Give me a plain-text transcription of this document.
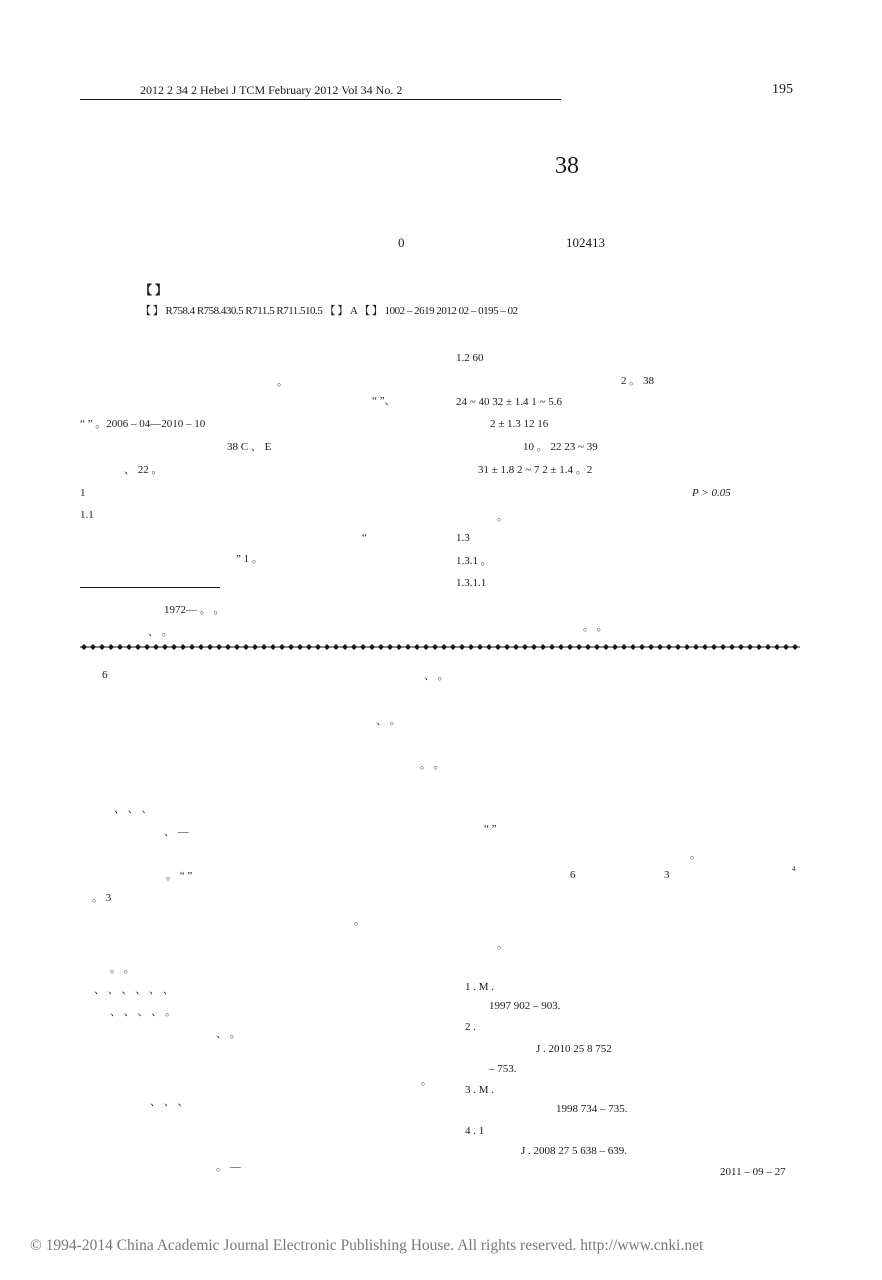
2012 2 34 2 Hebei J TCM February 2012 Vol 34 No. 2	195
38
0	102413
【 】
【 】 R758.4 R758.430.5 R711.5 R711.510.5 【 】 A 【 】 1002 – 2619 2012 02 – 0195 – 02
。
“ ”、
“ ” 。2006 – 04—2010 – 10
38 C 、 E
、 22 。
1
1.1
“
” 1 。
1972— 。 。
、 。
1.2 60
2 。 38
24 ~ 40 32 ± 1.4 1 ~ 5.6
2 ± 1.3 12 16
10 。 22 23 ~ 39
31 ± 1.8 2 ~ 7 2 ± 1.4 。2
P > 0.05
。
1.3
1.3.1 。
1.3.1.1
。 。
6	、 。
、 。
。 。
、 、 、
、 —	“ ”
。
。 “ ”	6	3	4
。 3
。
。
。 。
、 、 、 、 、 、
、 、 、 、 。
、 。
。
、 、 、
。 —
1 . M .
1997 902 – 903.
2 .
J . 2010 25 8 752
– 753.
3 . M .
1998 734 – 735.
4 . 1
J . 2008 27 5 638 – 639.
2011 – 09 – 27
© 1994-2014 China Academic Journal Electronic Publishing House. All rights reserved. http://www.cnki.net
